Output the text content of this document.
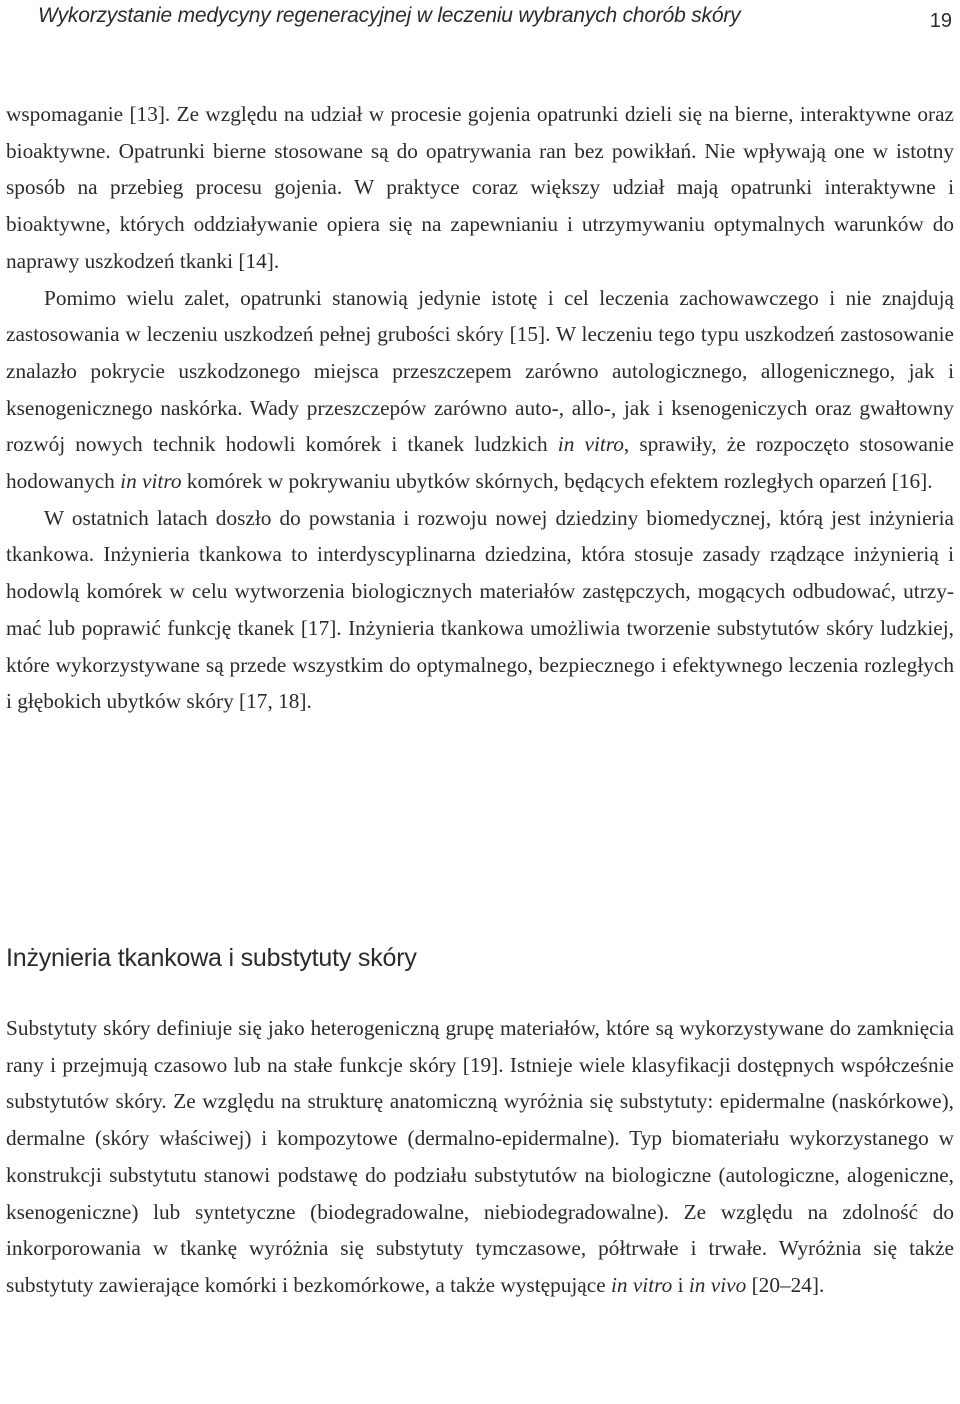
Wykorzystanie medycyny regeneracyjnej w leczeniu wybranych chorób skóry	19

wspomaganie [13]. Ze względu na udział w procesie gojenia opatrunki dzieli się na bierne, interaktywne oraz bioaktywne. Opatrunki bierne stosowane są do opatrywania ran bez powikłań. Nie wpływają one w istotny sposób na przebieg procesu gojenia. W praktyce coraz większy udział mają opatrunki interaktywne i bioaktywne, których oddziaływanie opiera się na zapewnianiu i utrzymywaniu optymalnych warunków do naprawy uszkodzeń tkanki [14].

Pomimo wielu zalet, opatrunki stanowią jedynie istotę i cel leczenia zachowawczego i nie znajdują zastosowania w leczeniu uszkodzeń pełnej grubości skóry [15]. W leczeniu tego typu uszkodzeń zastosowanie znalazło pokrycie uszkodzonego miejsca przeszczepem zarówno autologicznego, allogenicznego, jak i ksenogenicznego naskórka. Wady przeszczepów zarówno auto-, allo-, jak i ksenogeniczych oraz gwałtowny rozwój nowych technik hodowli komórek i tkanek ludzkich in vitro, sprawiły, że rozpoczęto stosowanie hodowanych in vitro komórek w pokrywaniu ubytków skórnych, będących efektem rozległych oparzeń [16].

W ostatnich latach doszło do powstania i rozwoju nowej dziedziny biomedycznej, którą jest inżynieria tkankowa. Inżynieria tkankowa to interdyscyplinarna dziedzina, która stosuje zasady rządzące inżynierią i hodowlą komórek w celu wytworzenia biologicznych materiałów zastępczych, mogących odbudować, utrzymać lub poprawić funkcję tkanek [17]. Inżynieria tkankowa umożliwia tworzenie substytutów skóry ludzkiej, które wykorzystywane są przede wszystkim do optymalnego, bezpiecznego i efektywnego leczenia rozległych i głębokich ubytków skóry [17, 18].

Inżynieria tkankowa i substytuty skóry

Substytuty skóry definiuje się jako heterogeniczną grupę materiałów, które są wykorzystywane do zamknięcia rany i przejmują czasowo lub na stałe funkcje skóry [19]. Istnieje wiele klasyfikacji dostępnych współcześnie substytutów skóry. Ze względu na strukturę anatomiczną wyróżnia się substytuty: epidermalne (naskórkowe), dermalne (skóry właściwej) i kompozytowe (dermalno-epidermalne). Typ biomateriału wykorzystanego w konstrukcji substytutu stanowi podstawę do podziału substytutów na biologiczne (autologiczne, alogeniczne, ksenogeniczne) lub syntetyczne (biodegradowalne, niebiodegradowalne). Ze względu na zdolność do inkorporowania w tkankę wyróżnia się substytuty tymczasowe, półtrwałe i trwałe. Wyróżnia się także substytuty zawierające komórki i bezkomórkowe, a także występujące in vitro i in vivo [20–24].
